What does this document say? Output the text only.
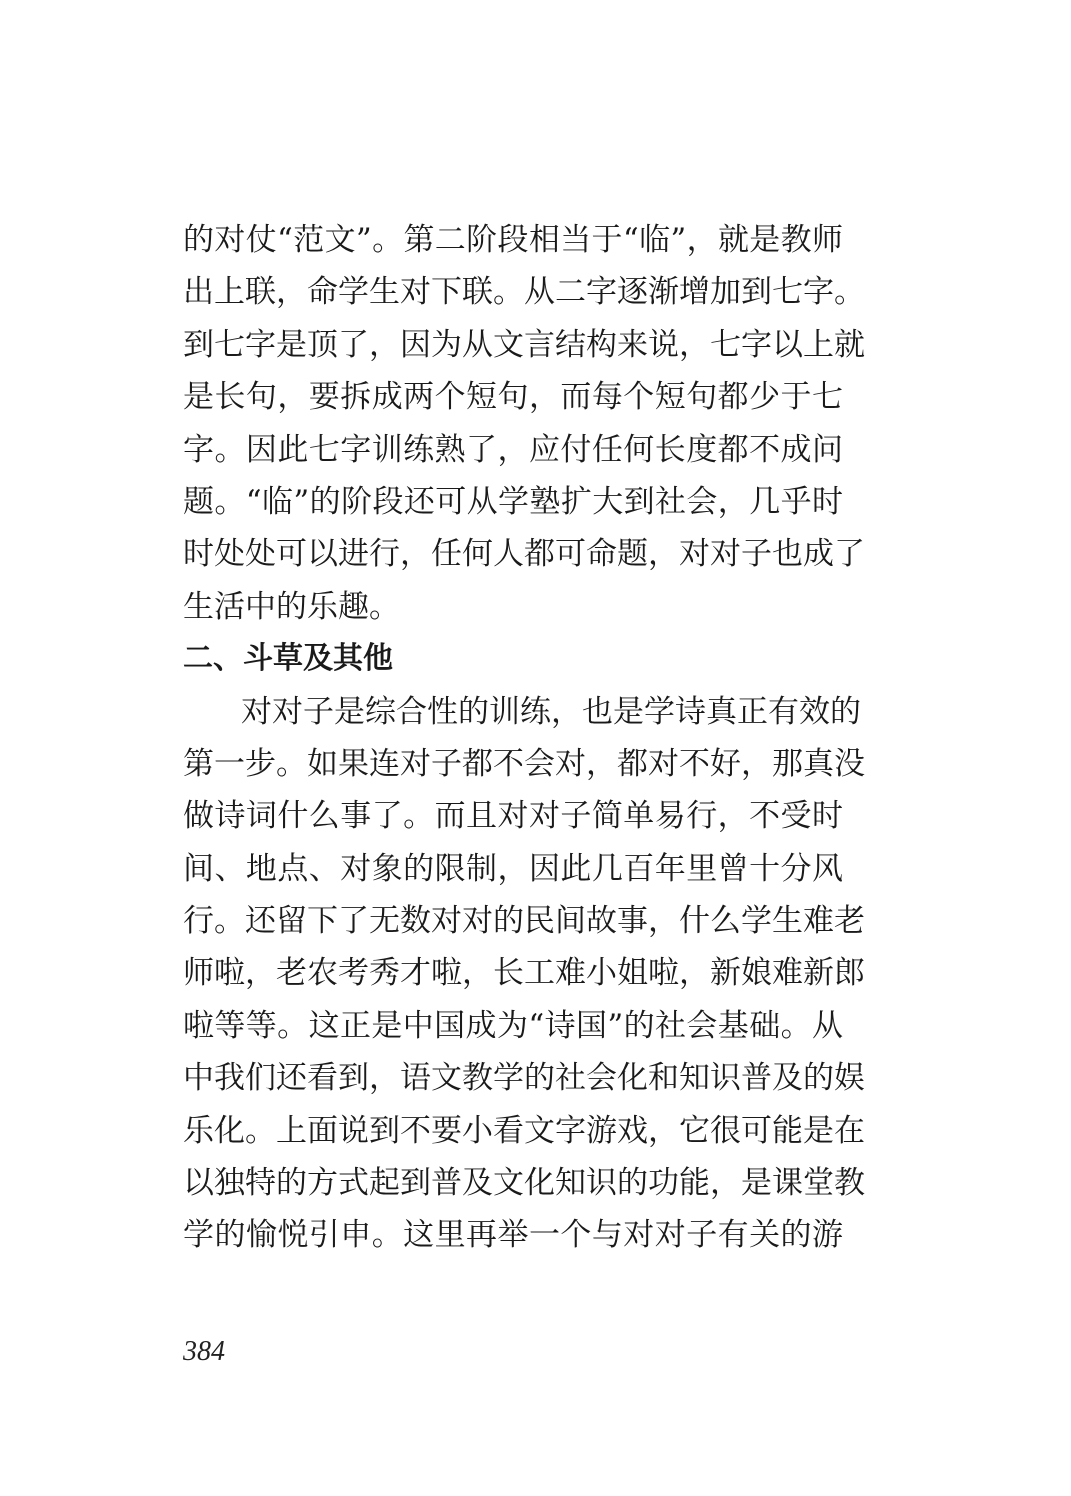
的对仗“范文”。第二阶段相当于“临”，就是教师
出上联，命学生对下联。从二字逐渐增加到七字。
到七字是顶了，因为从文言结构来说，七字以上就
是长句，要拆成两个短句，而每个短句都少于七
字。因此七字训练熟了，应付任何长度都不成问
题。“临”的阶段还可从学塾扩大到社会，几乎时
时处处可以进行，任何人都可命题，对对子也成了
生活中的乐趣。
二、斗草及其他
对对子是综合性的训练，也是学诗真正有效的
第一步。如果连对子都不会对，都对不好，那真没
做诗词什么事了。而且对对子简单易行，不受时
间、地点、对象的限制，因此几百年里曾十分风
行。还留下了无数对对的民间故事，什么学生难老
师啦，老农考秀才啦，长工难小姐啦，新娘难新郎
啦等等。这正是中国成为“诗国”的社会基础。从
中我们还看到，语文教学的社会化和知识普及的娱
乐化。上面说到不要小看文字游戏，它很可能是在
以独特的方式起到普及文化知识的功能，是课堂教
学的愉悦引申。这里再举一个与对对子有关的游
384
